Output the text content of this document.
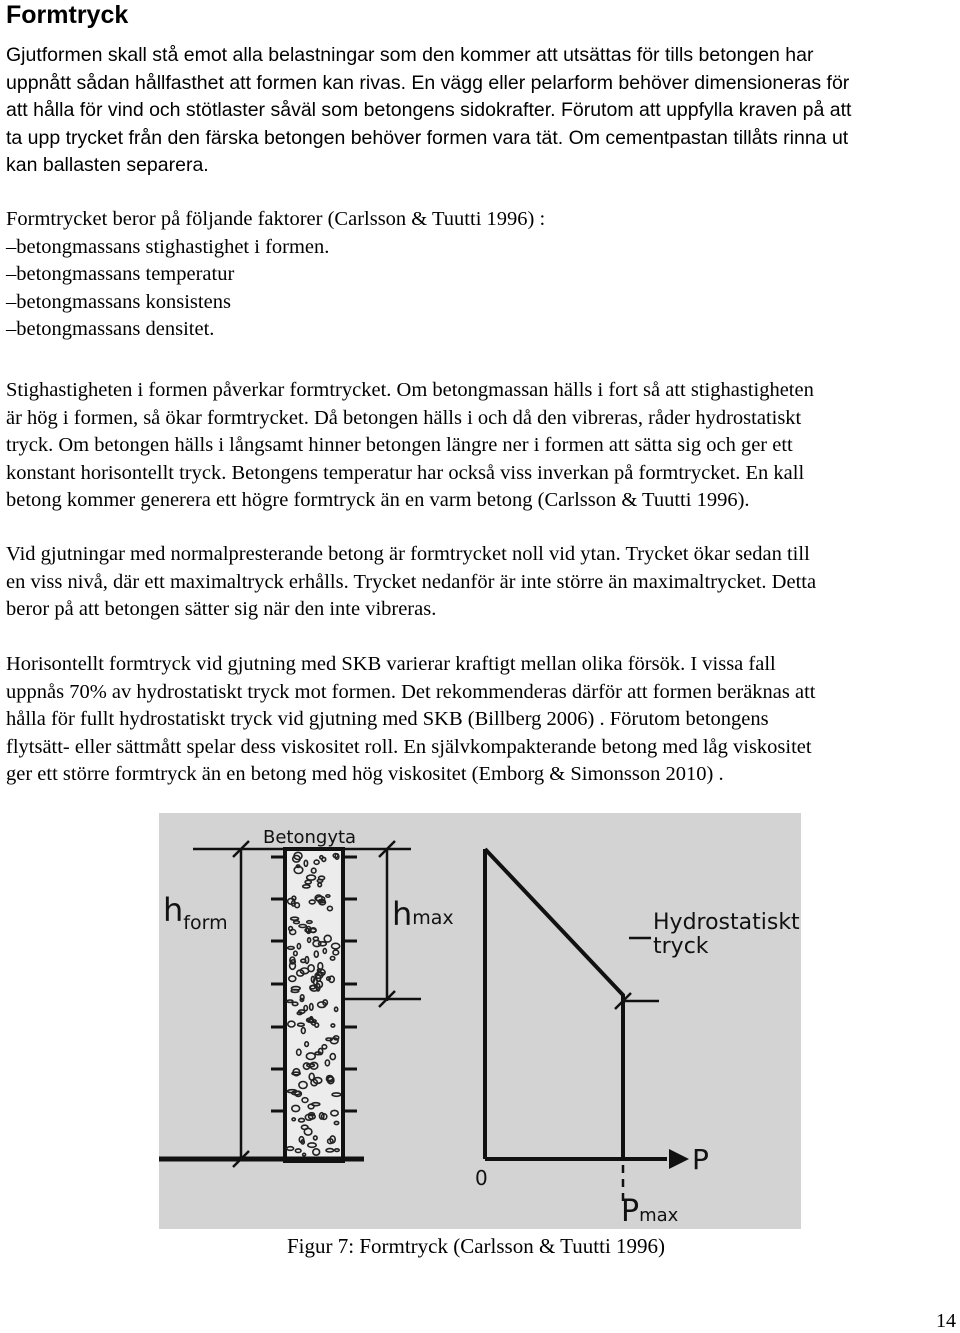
Formtryck
Gjutformen skall stå emot alla belastningar som den kommer att utsättas för tills betongen har
uppnått sådan hållfasthet att formen kan rivas. En vägg eller pelarform behöver dimensioneras för
att hålla för vind och stötlaster såväl som betongens sidokrafter. Förutom att uppfylla kraven på att
ta upp trycket från den färska betongen behöver formen vara tät. Om cementpastan tillåts rinna ut
kan ballasten separera.
Formtrycket beror på följande faktorer (Carlsson & Tuutti 1996) :
–betongmassans stighastighet i formen.
–betongmassans temperatur
–betongmassans konsistens
–betongmassans densitet.
Stighastigheten i formen påverkar formtrycket. Om betongmassan hälls i fort så att stighastigheten
är hög i formen, så ökar formtrycket. Då betongen hälls i och då den vibreras, råder hydrostatiskt
tryck. Om betongen hälls i långsamt hinner betongen längre ner i formen att sätta sig och ger ett
konstant horisontellt tryck. Betongens temperatur har också viss inverkan på formtrycket. En kall
betong kommer generera ett högre formtryck än en varm betong (Carlsson & Tuutti 1996).
Vid gjutningar med normalpresterande betong är formtrycket noll vid ytan. Trycket ökar sedan till
en viss nivå, där ett maximaltryck erhålls. Trycket nedanför är inte större än maximaltrycket. Detta
beror på att betongen sätter sig när den inte vibreras.
Horisontellt formtryck vid gjutning med SKB varierar kraftigt mellan olika försök. I vissa fall
uppnås 70% av hydrostatiskt tryck mot formen. Det rekommenderas därför att formen beräknas att
hålla för fullt hydrostatiskt tryck vid gjutning med SKB (Billberg 2006) . Förutom betongens
flytsätt- eller sättmått spelar dess viskositet roll. En självkompakterande betong med låg viskositet
ger ett större formtryck än en betong med hög viskositet (Emborg & Simonsson 2010) .
$h_{form}$	hmax
Betongyta
0
P
Pmax
Hydrostatiskt
tryck
Figur 7: Formtryck (Carlsson & Tuutti 1996)
14
